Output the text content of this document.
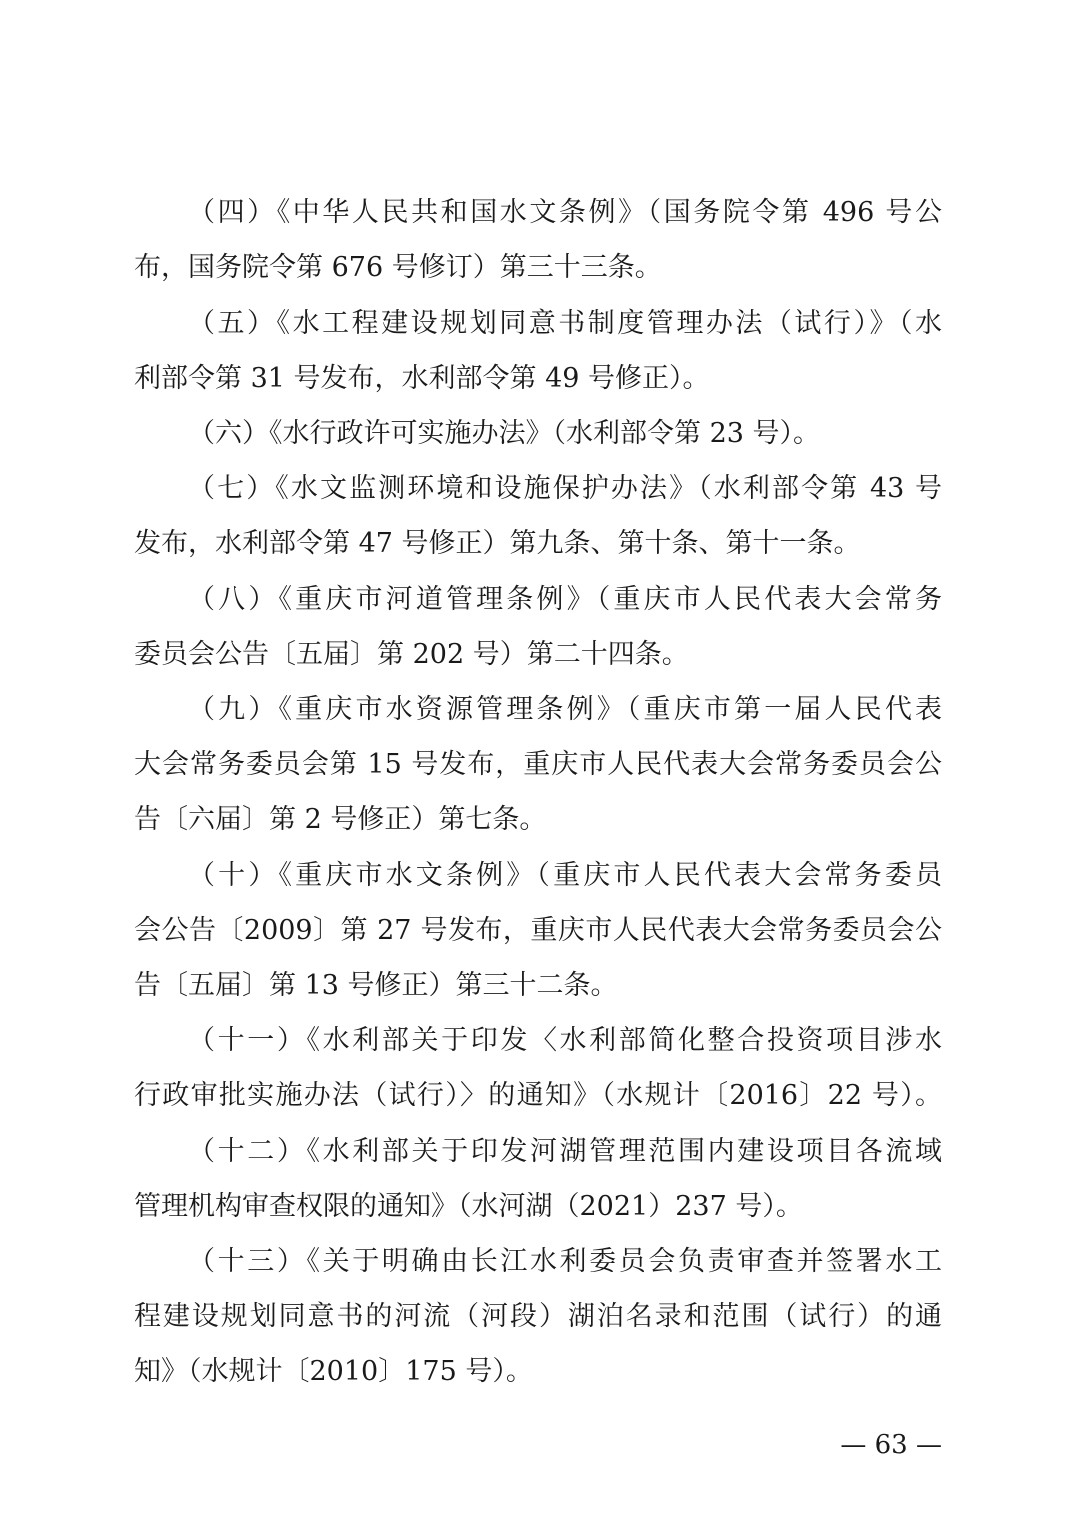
（四）《中华人民共和国水文条例》（国务院令第 496 号公
布，国务院令第 676 号修订）第三十三条。
（五）《水工程建设规划同意书制度管理办法（试行）》（水
利部令第 31 号发布，水利部令第 49 号修正）。
（六）《水行政许可实施办法》（水利部令第 23 号）。
（七）《水文监测环境和设施保护办法》（水利部令第 43 号
发布，水利部令第 47 号修正）第九条、第十条、第十一条。
（八）《重庆市河道管理条例》（重庆市人民代表大会常务
委员会公告〔五届〕第 202 号）第二十四条。
（九）《重庆市水资源管理条例》（重庆市第一届人民代表
大会常务委员会第 15 号发布，重庆市人民代表大会常务委员会公
告〔六届〕第 2 号修正）第七条。
（十）《重庆市水文条例》（重庆市人民代表大会常务委员
会公告〔2009〕第 27 号发布，重庆市人民代表大会常务委员会公
告〔五届〕第 13 号修正）第三十二条。
（十一）《水利部关于印发〈水利部简化整合投资项目涉水
行政审批实施办法（试行）〉的通知》（水规计〔2016〕22 号）。
（十二）《水利部关于印发河湖管理范围内建设项目各流域
管理机构审查权限的通知》（水河湖（2021）237 号）。
（十三）《关于明确由长江水利委员会负责审查并签署水工
程建设规划同意书的河流（河段）湖泊名录和范围（试行）的通
知》（水规计〔2010〕175 号）。
— 63 —
